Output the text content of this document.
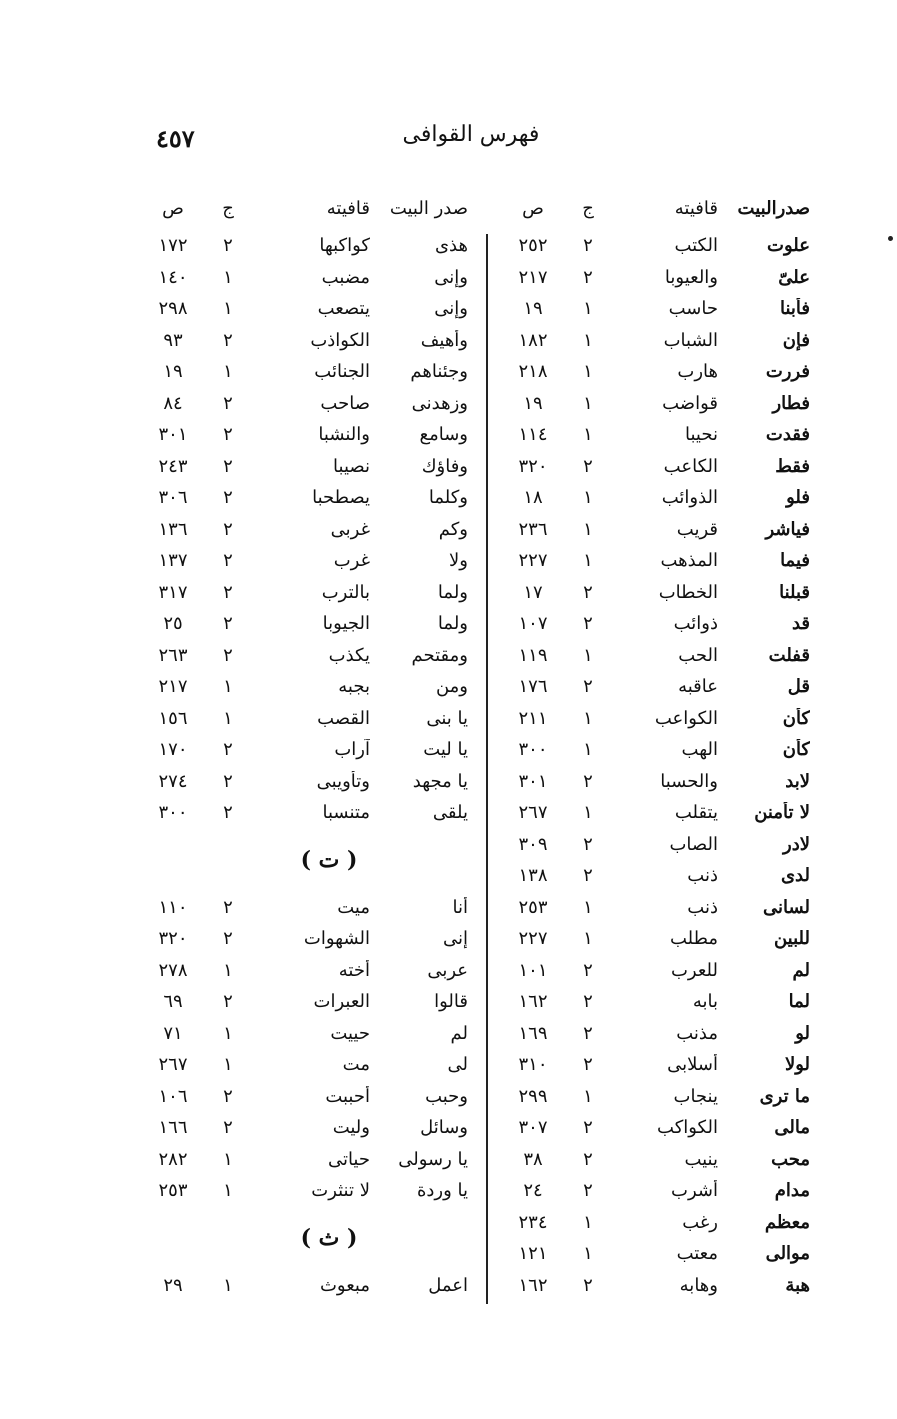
٤٥٧	فهرس القوافى
صدرالبيت
قافيته
ج
ص
علوت
الكتب
٢
٢٥٢
علىّ
والعيوبا
٢
٢١٧
فأبنا
حاسب
١
١٩
فإن
الشباب
١
١٨٢
فررت
هارب
١
٢١٨
فطار
قواضب
١
١٩
فقدت
نحيبا
١
١١٤
فقط
الكاعب
٢
٣٢٠
فلو
الذوائب
١
١٨
فياشر
قريب
١
٢٣٦
فيما
المذهب
١
٢٢٧
قبلنا
الخطاب
٢
١٧
قد
ذوائب
٢
١٠٧
قفلت
الحب
١
١١٩
قل
عاقبه
٢
١٧٦
كأن
الكواعب
١
٢١١
كأن
الهب
١
٣٠٠
لابد
والحسبا
٢
٣٠١
لا تأمنن
يتقلب
١
٢٦٧
لادر
الصاب
٢
٣٠٩
لدى
ذنب
٢
١٣٨
لسانى
ذنب
١
٢٥٣
للبين
مطلب
١
٢٢٧
لم
للعرب
٢
١٠١
لما
بابه
٢
١٦٢
لو
مذنب
٢
١٦٩
لولا
أسلابى
٢
٣١٠
ما ترى
ينجاب
١
٢٩٩
مالى
الكواكب
٢
٣٠٧
محب
ينيب
٢
٣٨
مدام
أشرب
٢
٢٤
معظم
رغب
١
٢٣٤
موالى
معتب
١
١٢١
هبة
وهابه
٢
١٦٢
صدر البيت
قافيته
ج
ص
هذى
كواكبها
٢
١٧٢
وإنى
مضبب
١
١٤٠
وإنى
يتصعب
١
٢٩٨
وأهيف
الكواذب
٢
٩٣
وجئناهم
الجنائب
١
١٩
وزهدنى
صاحب
٢
٨٤
وسامع
والنشبا
٢
٣٠١
وفاؤك
نصيبا
٢
٢٤٣
وكلما
يصطحبا
٢
٣٠٦
وكم
غربى
٢
١٣٦
ولا
غرب
٢
١٣٧
ولما
بالترب
٢
٣١٧
ولما
الجيوبا
٢
٢٥
ومقتحم
يكذب
٢
٢٦٣
ومن
بجبه
١
٢١٧
يا بنى
القصب
١
١٥٦
يا ليت
آراب
٢
١٧٠
يا مجهد
وتأويبى
٢
٢٧٤
يلقى
متنسبا
٢
٣٠٠
( ت )
أنا
ميت
٢
١١٠
إنى
الشهوات
٢
٣٢٠
عربى
أخته
١
٢٧٨
قالوا
العبرات
٢
٦٩
لم
حييت
١
٧١
لى
مت
١
٢٦٧
وحبب
أحببت
٢
١٠٦
وسائل
وليت
٢
١٦٦
يا رسولى
حياتى
١
٢٨٢
يا وردة
لا تنثرت
١
٢٥٣
( ث )
اعمل
مبعوث
١
٢٩
